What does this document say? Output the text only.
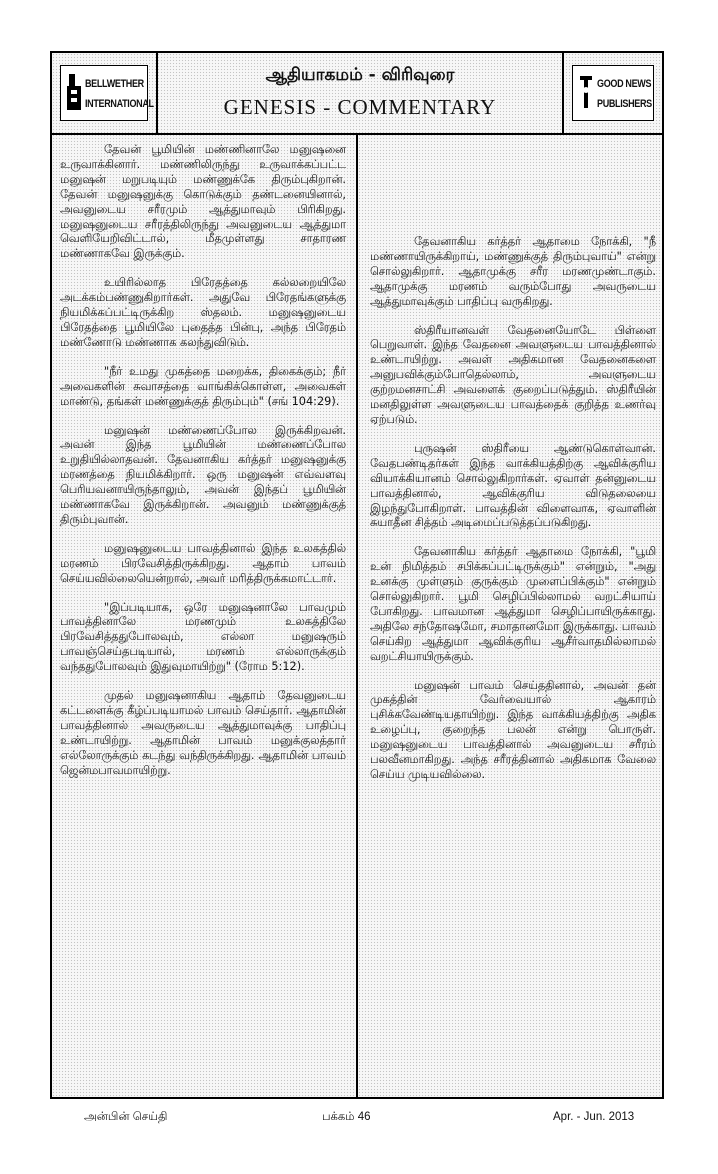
BELLWETHER
INTERNATIONAL
ஆதியாகமம் - விரிவுரை
GENESIS - COMMENTARY
GOOD NEWS
PUBLISHERS

தேவன் பூமியின் மண்ணினாலே மனுஷனை உருவாக்கினார். மண்ணிலிருந்து உருவாக்கப்பட்ட மனுஷன் மறுபடியும் மண்ணுக்கே திரும்புகிறான். தேவன் மனுஷனுக்கு கொடுக்கும் தண்டனையினால், அவனுடைய சரீரமும் ஆத்துமாவும் பிரிகிறது. மனுஷனுடைய சரீரத்திலிருந்து அவனுடைய ஆத்துமா வெளியேறிவிட்டால், மீதமுள்ளது சாதாரண மண்ணாகவே இருக்கும்.

உயிரில்லாத பிரேதத்தை கல்லறையிலே அடக்கம்பண்ணுகிறார்கள். அதுவே பிரேதங்களுக்கு நியமிக்கப்பட்டிருக்கிற ஸ்தலம். மனுஷனுடைய பிரேதத்தை பூமியிலே புதைத்த பின்பு, அந்த பிரேதம் மண்ணோடு மண்ணாக கலந்துவிடும்.

"நீர் உமது முகத்தை மறைக்க, திகைக்கும்; நீர் அவைகளின் சுவாசத்தை வாங்கிக்கொள்ள, அவைகள் மாண்டு, தங்கள் மண்ணுக்குத் திரும்பும்" (சங் 104:29).

மனுஷன் மண்ணைப்போல இருக்கிறவன். அவன் இந்த பூமியின் மண்ணைப்போல உறுதியில்லாதவன். தேவனாகிய கர்த்தர் மனுஷனுக்கு மரணத்தை நியமிக்கிறார். ஒரு மனுஷன் எவ்வளவு பெரியவனாயிருந்தாலும், அவன் இந்தப் பூமியின் மண்ணாகவே இருக்கிறான். அவனும் மண்ணுக்குத் திரும்புவான்.

மனுஷனுடைய பாவத்தினால் இந்த உலகத்தில் மரணம் பிரவேசித்திருக்கிறது. ஆதாம் பாவம் செய்யவில்லையென்றால், அவர் மரித்திருக்கமாட்டார்.

"இப்படியாக, ஒரே மனுஷனாலே பாவமும் பாவத்தினாலே மரணமும் உலகத்திலே பிரவேசித்ததுபோலவும், எல்லா மனுஷரும் பாவஞ்செய்தபடியால், மரணம் எல்லாருக்கும் வந்ததுபோலவும் இதுவுமாயிற்று" (ரோம 5:12).

முதல் மனுஷனாகிய ஆதாம் தேவனுடைய கட்டளைக்கு கீழ்ப்படியாமல் பாவம் செய்தார். ஆதாமின் பாவத்தினால் அவருடைய ஆத்துமாவுக்கு பாதிப்பு உண்டாயிற்று. ஆதாமின் பாவம் மனுக்குலத்தார் எல்லோருக்கும் கடந்து வந்திருக்கிறது. ஆதாமின் பாவம் ஜென்மபாவமாயிற்று.

தேவனாகிய கர்த்தர் ஆதாமை நோக்கி, "நீ மண்ணாயிருக்கிறாய், மண்ணுக்குத் திரும்புவாய்" என்று சொல்லுகிறார். ஆதாமுக்கு சரீர மரணமுண்டாகும். ஆதாமுக்கு மரணம் வரும்போது அவருடைய ஆத்துமாவுக்கும் பாதிப்பு வருகிறது.

ஸ்திரீயானவள் வேதனையோடே பிள்ளை பெறுவாள். இந்த வேதனை அவளுடைய பாவத்தினால் உண்டாயிற்று. அவள் அதிகமான வேதனைகளை அனுபவிக்கும்போதெல்லாம், அவளுடைய குற்றமனசாட்சி அவளைக் குறைப்படுத்தும். ஸ்திரீயின் மனதிலுள்ள அவளுடைய பாவத்தைக் குறித்த உணர்வு ஏற்படும்.

புருஷன் ஸ்திரீயை ஆண்டுகொள்வான். வேதபண்டிதர்கள் இந்த வாக்கியத்திற்கு ஆவிக்குரிய வியாக்கியானம் சொல்லுகிறார்கள். ஏவாள் தன்னுடைய பாவத்தினால், ஆவிக்குரிய விடுதலையை இழந்துபோகிறாள். பாவத்தின் விளைவாக, ஏவாளின் சுயாதீன சித்தம் அடிமைப்படுத்தப்படுகிறது.

தேவனாகிய கர்த்தர் ஆதாமை நோக்கி, "பூமி உன் நிமித்தம் சபிக்கப்பட்டிருக்கும்" என்றும், "அது உனக்கு முள்ளும் குருக்கும் முளைப்பிக்கும்" என்றும் சொல்லுகிறார். பூமி செழிப்பில்லாமல் வறட்சியாய் போகிறது. பாவமான ஆத்துமா செழிப்பாயிருக்காது. அதிலே சந்தோஷமோ, சமாதானமோ இருக்காது. பாவம் செய்கிற ஆத்துமா ஆவிக்குரிய ஆசீர்வாதமில்லாமல் வறட்சியாயிருக்கும்.

மனுஷன் பாவம் செய்ததினால், அவன் தன் முகத்தின் வேர்வையால் ஆகாரம் புசிக்கவேண்டியதாயிற்று. இந்த வாக்கியத்திற்கு அதிக உழைப்பு, குறைந்த பலன் என்று பொருள். மனுஷனுடைய பாவத்தினால் அவனுடைய சரீரம் பலவீனமாகிறது. அந்த சரீரத்தினால் அதிகமாக வேலை செய்ய முடியவில்லை.

அன்பின் செய்தி	பக்கம் 46	Apr. - Jun. 2013
